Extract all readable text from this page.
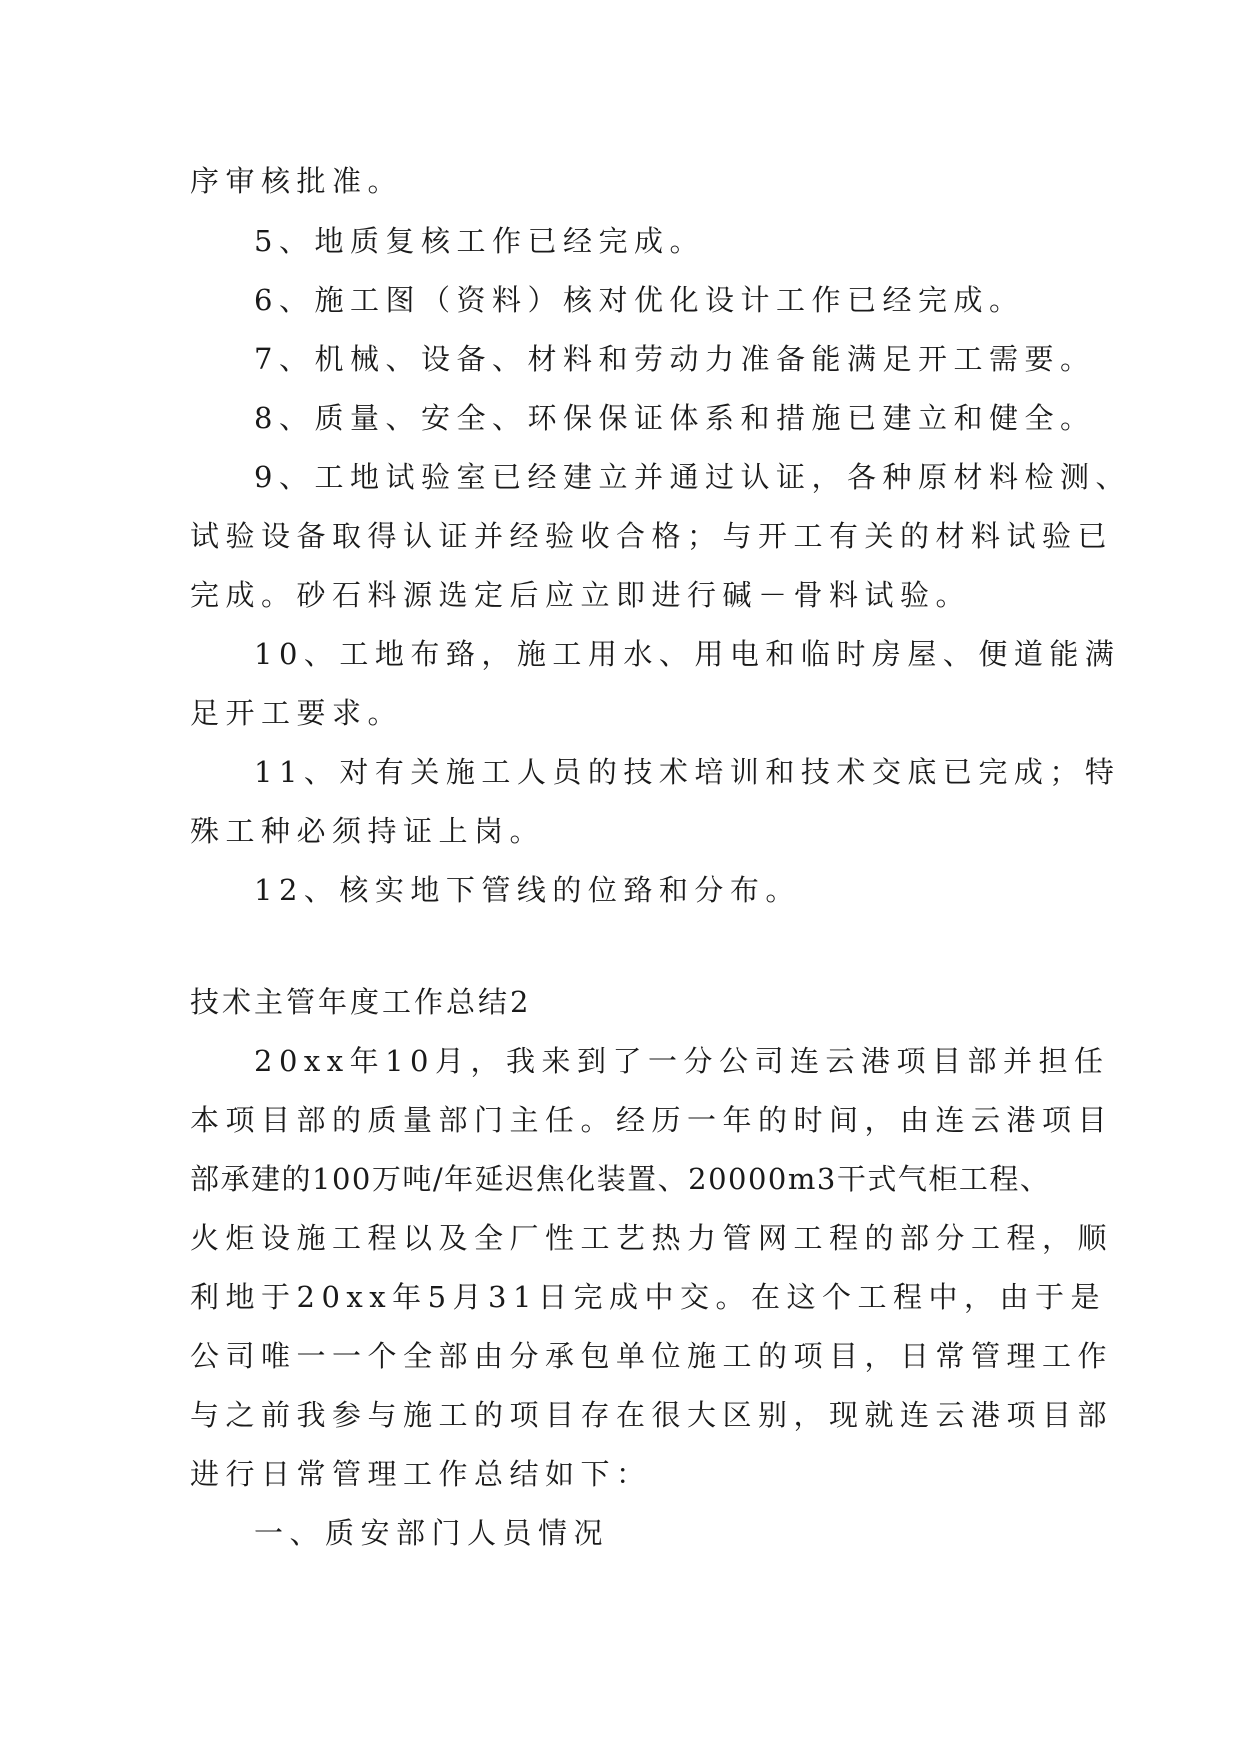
序审核批准。
5、地质复核工作已经完成。
6、施工图（资料）核对优化设计工作已经完成。
7、机械、设备、材料和劳动力准备能满足开工需要。
8、质量、安全、环保保证体系和措施已建立和健全。
9、工地试验室已经建立并通过认证，各种原材料检测、
试验设备取得认证并经验收合格；与开工有关的材料试验已
完成。砂石料源选定后应立即进行碱－骨料试验。
10、工地布臵，施工用水、用电和临时房屋、便道能满
足开工要求。
11、对有关施工人员的技术培训和技术交底已完成；特
殊工种必须持证上岗。
12、核实地下管线的位臵和分布。
技术主管年度工作总结2
20xx年10月，我来到了一分公司连云港项目部并担任
本项目部的质量部门主任。经历一年的时间，由连云港项目
部承建的100万吨/年延迟焦化装置、20000m3干式气柜工程、
火炬设施工程以及全厂性工艺热力管网工程的部分工程，顺
利地于20xx年5月31日完成中交。在这个工程中，由于是
公司唯一一个全部由分承包单位施工的项目，日常管理工作
与之前我参与施工的项目存在很大区别，现就连云港项目部
进行日常管理工作总结如下：
一、质安部门人员情况
